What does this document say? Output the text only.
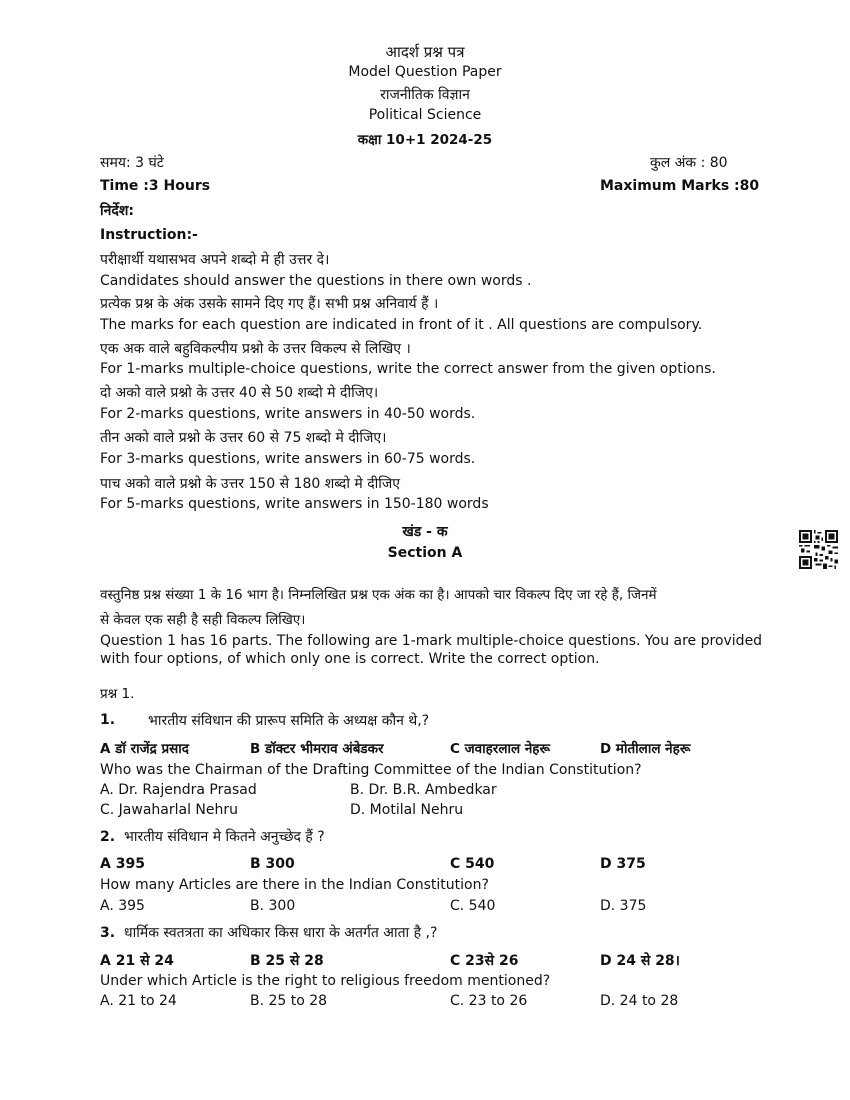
आदर्श प्रश्न पत्र
Model Question Paper
राजनीतिक विज्ञान
Political Science
कक्षा 10+1 2024-25
समय: 3 घंटे	कुल अंक : 80
Time :3 Hours	Maximum Marks :80
निर्देश:
Instruction:-
परीक्षार्थी यथासभव अपने शब्दो मे ही उत्तर दे।
Candidates should answer the questions in there own words .
प्रत्येक प्रश्न के अंक उसके सामने दिए गए हैं। सभी प्रश्न अनिवार्य हैं ।
The marks for each question are indicated in front of it . All questions are compulsory.
एक अक वाले बहुविकल्पीय प्रश्नो के उत्तर विकल्प से लिखिए ।
For 1-marks multiple-choice questions, write the correct answer from the given options.
दो अको वाले प्रश्नो के उत्तर 40 से 50 शब्दो मे दीजिए।
For 2-marks questions, write answers in 40-50 words.
तीन अको वाले प्रश्नो के उत्तर 60 से 75 शब्दो मे दीजिए।
For 3-marks questions, write answers in 60-75 words.
पाच अको वाले प्रश्नो के उत्तर 150 से 180 शब्दो मे दीजिए
For 5-marks questions, write answers in 150-180 words
खंड - क
Section A
वस्तुनिष्ठ प्रश्न संख्या 1 के 16 भाग है। निम्नलिखित प्रश्न एक अंक का है। आपको चार विकल्प दिए जा रहे हैं, जिनमें
से केवल एक सही है सही विकल्प लिखिए।
Question 1 has 16 parts. The following are 1-mark multiple-choice questions. You are provided
with four options, of which only one is correct. Write the correct option.
प्रश्न 1.
1. भारतीय संविधान की प्रारूप समिति के अध्यक्ष कौन थे,?
A डॉ राजेंद्र प्रसाद	B डॉक्टर भीमराव अंबेडकर	C जवाहरलाल नेहरू	D मोतीलाल नेहरू
Who was the Chairman of the Drafting Committee of the Indian Constitution?
A. Dr. Rajendra Prasad	B. Dr. B.R. Ambedkar
C. Jawaharlal Nehru	D. Motilal Nehru
2. भारतीय संविधान मे कितने अनुच्छेद हैं ?
A 395	B 300	C 540	D 375
How many Articles are there in the Indian Constitution?
A. 395	B. 300	C. 540	D. 375
3. धार्मिक स्वतत्रता का अधिकार किस धारा के अतर्गत आता है ,?
A 21 से 24	B 25 से 28	C 23से 26	D 24 से 28।
Under which Article is the right to religious freedom mentioned?
A. 21 to 24	B. 25 to 28	C. 23 to 26	D. 24 to 28
